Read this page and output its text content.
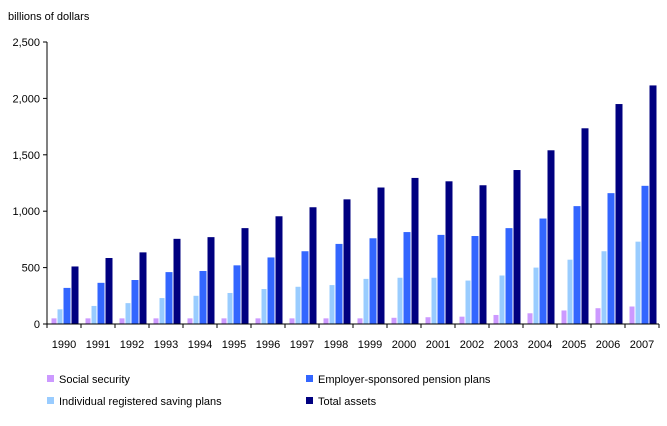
billions of dollars
0
500
1,000
1,500
2,000
2,500
1990 1991 1992 1993 1994 1995 1996 1997 1998 1999 2000 2001 2002 2003 2004 2005 2006 2007
Social security	Employer-sponsored pension plans
Individual registered saving plans	Total assets
